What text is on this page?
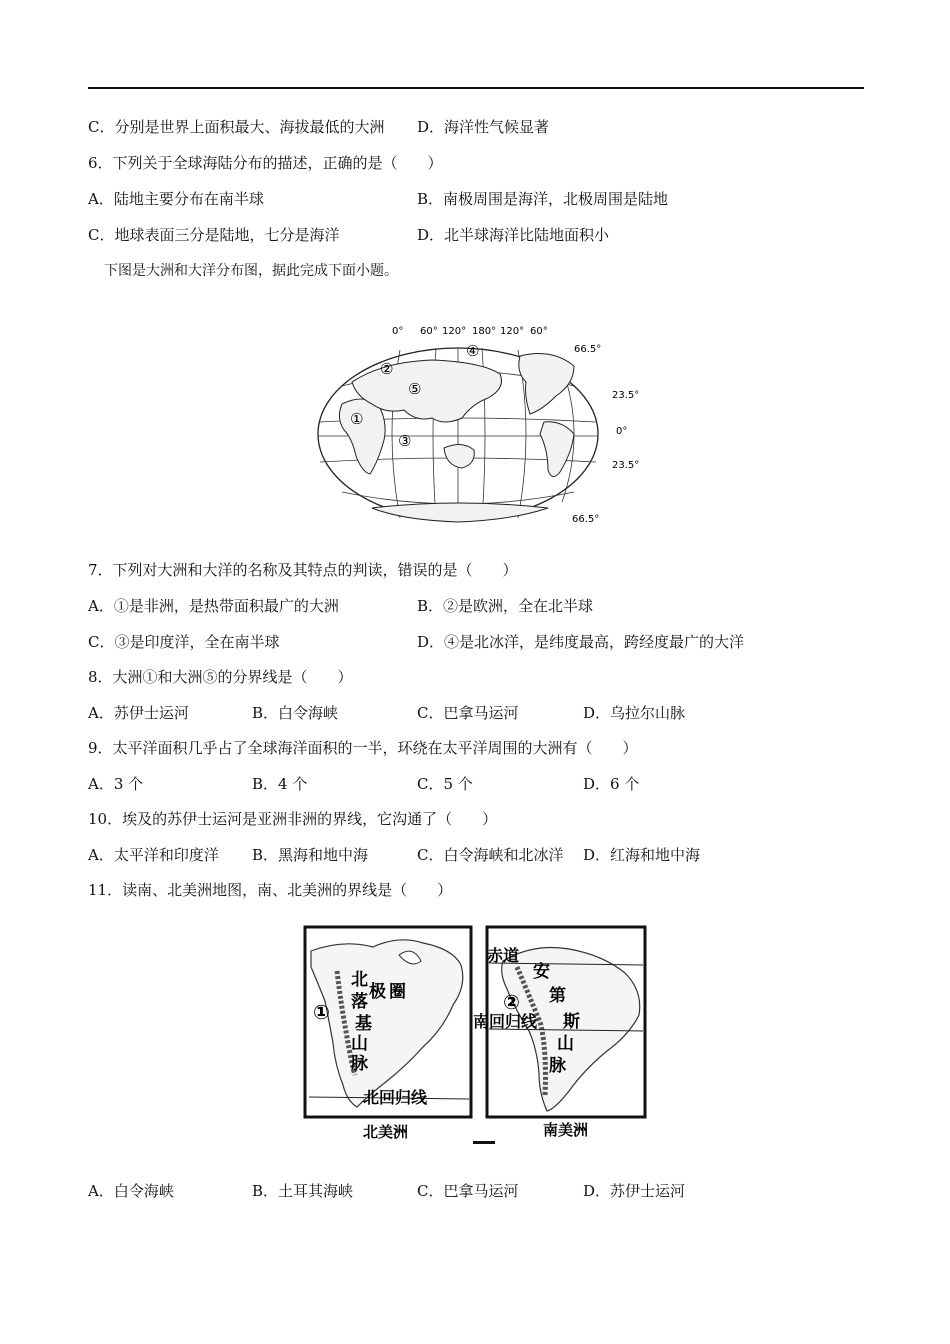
C．分别是世界上面积最大、海拔最低的大洲 D．海洋性气候显著
6．下列关于全球海陆分布的描述，正确的是（　　）
A．陆地主要分布在南半球	B．南极周围是海洋，北极周围是陆地
C．地球表面三分是陆地，七分是海洋	D．北半球海洋比陆地面积小
下图是大洲和大洋分布图，据此完成下面小题。
0° 60° 120° 180° 120° 60°
66.5°
23.5°
0°
23.5°
66.5°
①
②
③
④
⑤
7．下列对大洲和大洋的名称及其特点的判读，错误的是（　　）
A．①是非洲，是热带面积最广的大洲	B．②是欧洲，全在北半球
C．③是印度洋，全在南半球	D．④是北冰洋，是纬度最高，跨经度最广的大洋
8．大洲①和大洲⑤的分界线是（　　）
A．苏伊士运河	B．白令海峡	C．巴拿马运河	D．乌拉尔山脉
9．太平洋面积几乎占了全球海洋面积的一半，环绕在太平洋周围的大洲有（　　）
A．3 个	B．4 个	C．5 个	D．6 个
10．埃及的苏伊士运河是亚洲非洲的界线，它沟通了（　　）
A．太平洋和印度洋 B．黑海和地中海	C．白令海峡和北冰洋 D．红海和地中海
11．读南、北美洲地图，南、北美洲的界线是（　　）
①
北
极 圈
落
基
山
脉
北回归线
北美洲
赤道
②
安
第
斯
山
脉
南回归线
南美洲
A．白令海峡	B．土耳其海峡	C．巴拿马运河	D．苏伊士运河
